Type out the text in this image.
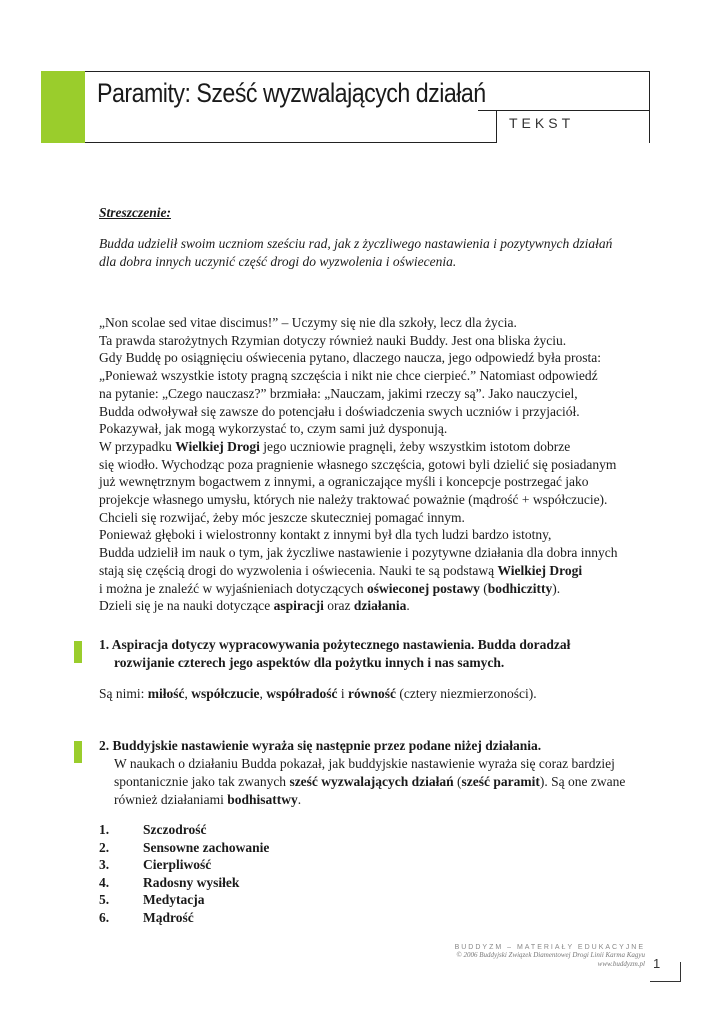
Paramity: Sześć wyzwalających działań
TEKST
Streszczenie:
Budda udzielił swoim uczniom sześciu rad, jak z życzliwego nastawienia i pozytywnych działań
dla dobra innych uczynić część drogi do wyzwolenia i oświecenia.

„Non scolae sed vitae discimus!” – Uczymy się nie dla szkoły, lecz dla życia.

Ta prawda starożytnych Rzymian dotyczy również nauki Buddy. Jest ona bliska życiu.

Gdy Buddę po osiągnięciu oświecenia pytano, dlaczego naucza, jego odpowiedź była prosta:

„Ponieważ wszystkie istoty pragną szczęścia i nikt nie chce cierpieć.” Natomiast odpowiedź

na pytanie: „Czego nauczasz?” brzmiała: „Nauczam, jakimi rzeczy są”. Jako nauczyciel,

Budda odwoływał się zawsze do potencjału i doświadczenia swych uczniów i przyjaciół.

Pokazywał, jak mogą wykorzystać to, czym sami już dysponują.

W przypadku Wielkiej Drogi jego uczniowie pragnęli, żeby wszystkim istotom dobrze

się wiodło. Wychodząc poza pragnienie własnego szczęścia, gotowi byli dzielić się posiadanym

już wewnętrznym bogactwem z innymi, a ograniczające myśli i koncepcje postrzegać jako

projekcje własnego umysłu, których nie należy traktować poważnie (mądrość + współczucie).

Chcieli się rozwijać, żeby móc jeszcze skuteczniej pomagać innym.

Ponieważ głęboki i wielostronny kontakt z innymi był dla tych ludzi bardzo istotny,

Budda udzielił im nauk o tym, jak życzliwe nastawienie i pozytywne działania dla dobra innych

stają się częścią drogi do wyzwolenia i oświecenia. Nauki te są podstawą Wielkiej Drogi

i można je znaleźć w wyjaśnieniach dotyczących oświeconej postawy (bodhiczitty).

Dzieli się je na nauki dotyczące aspiracji oraz działania.

1. Aspiracja dotyczy wypracowywania pożytecznego nastawienia. Budda doradzał
rozwijanie czterech jego aspektów dla pożytku innych i nas samych.
Są nimi: miłość, współczucie, współradość i równość (cztery niezmierzoności).
2. Buddyjskie nastawienie wyraża się następnie przez podane niżej działania.

W naukach o działaniu Budda pokazał, jak buddyjskie nastawienie wyraża się coraz bardziej

spontanicznie jako tak zwanych sześć wyzwalających działań (sześć paramit). Są one zwane

również działaniami bodhisattwy.

1.	Szczodrość
2.	Sensowne zachowanie
3.	Cierpliwość
4.	Radosny wysiłek
5.	Medytacja
6.	Mądrość
BUDDYZM – MATERIAŁY EDUKACYJNE
© 2006 Buddyjski Związek Diamentowej Drogi Linii Karma Kagyu
www.buddyzm.pl 1
